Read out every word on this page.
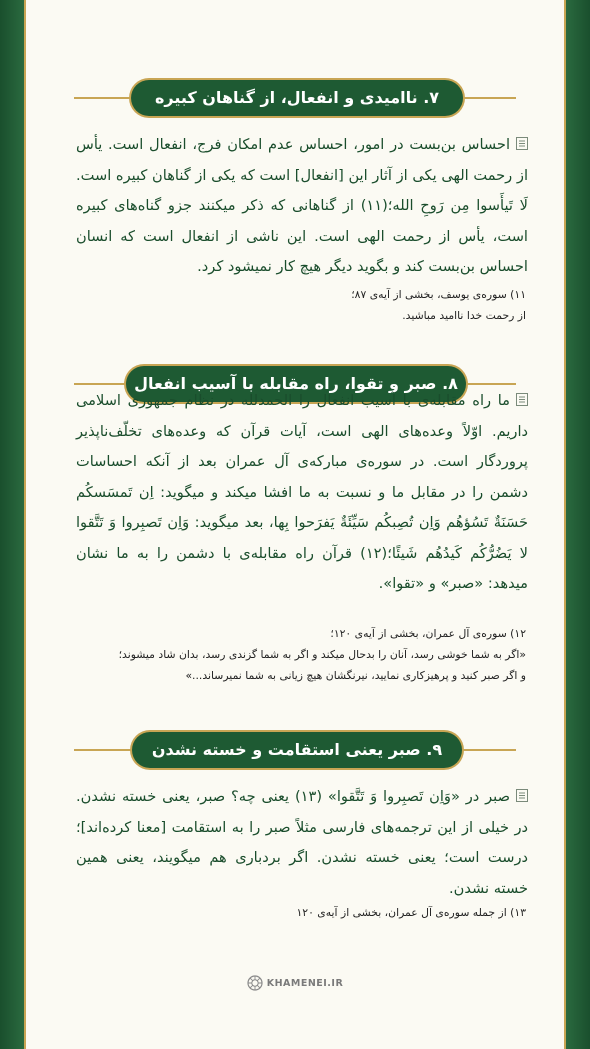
۷. ناامیدی و انفعال، از گناهان کبیره
احساس بن‌بست در امور، احساس عدم امکان فرج، انفعال است. یأس از رحمت الهی یکی از آثار این [انفعال] است که یکی از گناهان کبیره است. لَا تَیأَسوا مِن رَوحِ الله؛(۱۱) از گناهانی که ذکر میکنند جزو گناه‌های کبیره است، یأس از رحمت الهی است. این ناشی از انفعال است که انسان احساس بن‌بست کند و بگوید دیگر هیچ کار نمیشود کرد.
۱۱) سوره‌ی یوسف، بخشی از آیه‌ی ۸۷؛
از رحمت خدا ناامید مباشید.
۸. صبر و تقوا، راه مقابله با آسیب انفعال
ما راه مقابله‌ی با آسیب انفعال را الحمدلله در نظام جمهوری اسلامی داریم. اوّلاً وعده‌های الهی است، آیات قرآن که وعده‌های تخلّف‌ناپذیر پروردگار است. در سوره‌ی مبارکه‌ی آل عمران بعد از آنکه احساسات دشمن را در مقابل ما و نسبت به ما افشا میکند و میگوید: اِن تَمسَسکُم حَسَنَةٌ تَسُؤهُم وَاِن تُصِبکُم سَیِّئَةٌ یَفرَحوا بِها، بعد میگوید: وَاِن تَصبِروا وَ تَتَّقوا لا یَضُرُّکُم کَیدُهُم شَیئًا؛(۱۲) قرآن راه مقابله‌ی با دشمن را به ما نشان میدهد: «صبر» و «تقوا».
۱۲) سوره‌ی آل عمران، بخشی از آیه‌ی ۱۲۰؛
«اگر به شما خوشی رسد، آنان را بدحال میکند و اگر به شما گزندی رسد، بدان شاد میشوند؛
و اگر صبر کنید و پرهیزکاری نمایید، نیرنگشان هیچ زیانی به شما نمیرساند...»
۹. صبر یعنی استقامت و خسته نشدن
صبر در «وَاِن تَصبِروا وَ تَتَّقوا» (۱۳) یعنی چه؟ صبر، یعنی خسته نشدن. در خیلی از این ترجمه‌های فارسی مثلاً صبر را به استقامت [معنا کرده‌اند]؛ درست است؛ یعنی خسته نشدن. اگر بردباری هم میگویند، یعنی همین خسته نشدن.
۱۳) از جمله سوره‌ی آل عمران، بخشی از آیه‌ی ۱۲۰
KHAMENEI.IR
